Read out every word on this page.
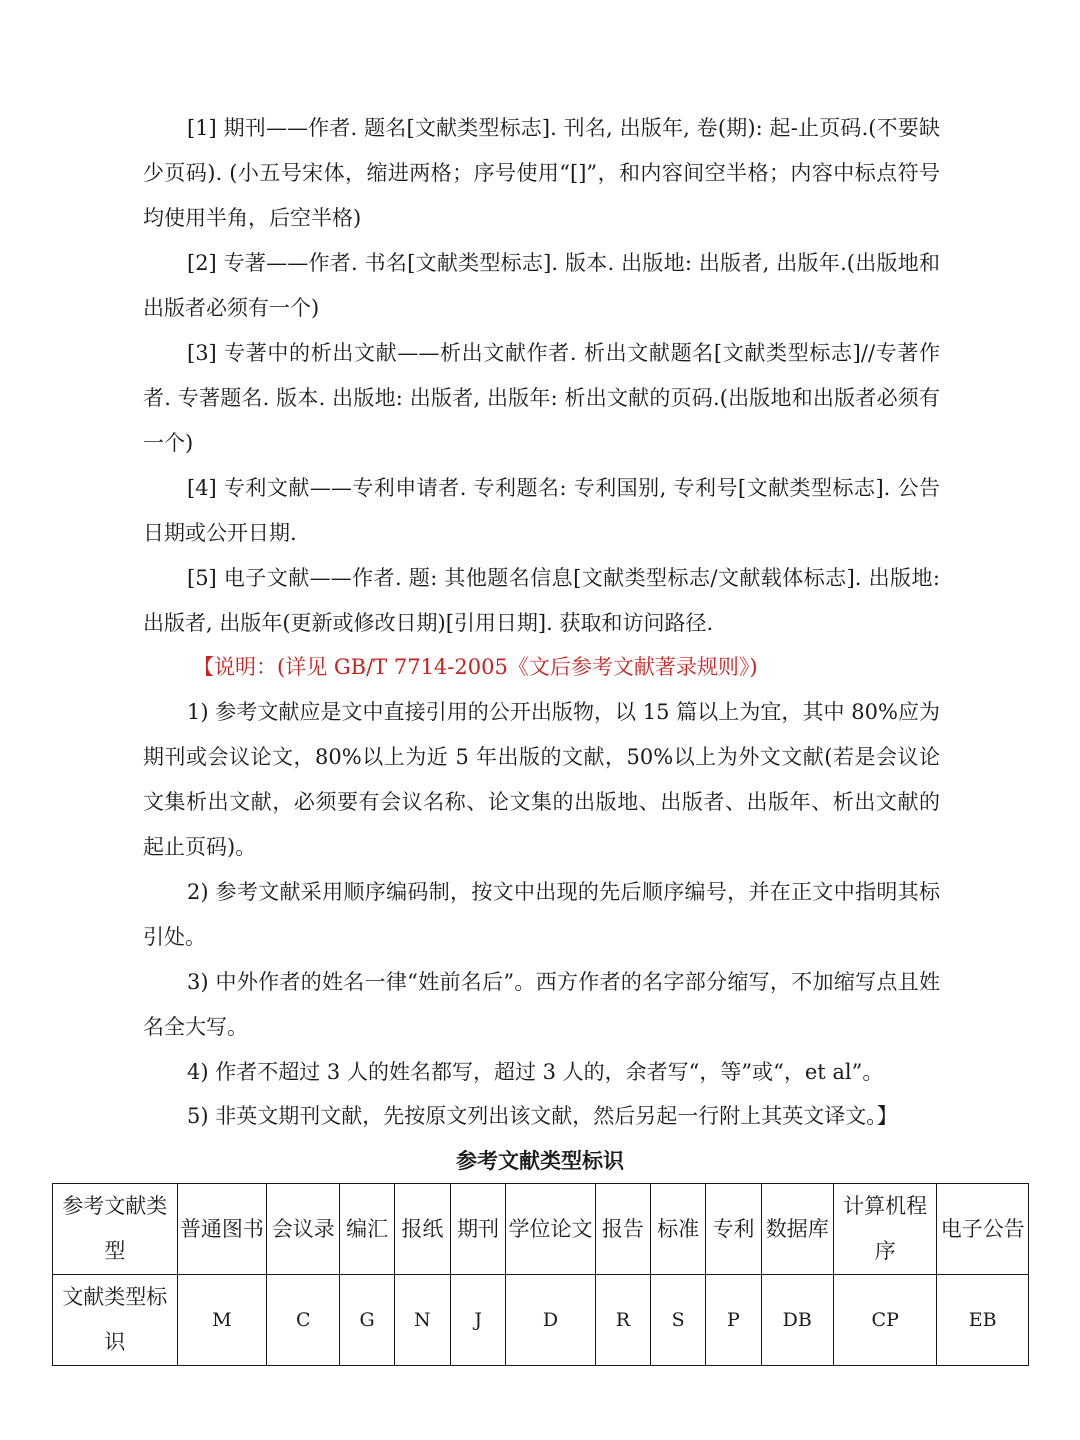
[1] 期刊——作者. 题名[文献类型标志]. 刊名, 出版年, 卷(期): 起-止页码.(不要缺少页码). (小五号宋体，缩进两格；序号使用“[]”，和内容间空半格；内容中标点符号均使用半角，后空半格)

[2] 专著——作者. 书名[文献类型标志]. 版本. 出版地: 出版者, 出版年.(出版地和出版者必须有一个)

[3] 专著中的析出文献——析出文献作者. 析出文献题名[文献类型标志]//专著作者. 专著题名. 版本. 出版地: 出版者, 出版年: 析出文献的页码.(出版地和出版者必须有一个)

[4] 专利文献——专利申请者. 专利题名: 专利国别, 专利号[文献类型标志]. 公告日期或公开日期.

[5] 电子文献——作者. 题: 其他题名信息[文献类型标志/文献载体标志]. 出版地: 出版者, 出版年(更新或修改日期)[引用日期]. 获取和访问路径.

【说明：(详见 GB/T 7714-2005《文后参考文献著录规则》)

1) 参考文献应是文中直接引用的公开出版物，以 15 篇以上为宜，其中 80%应为期刊或会议论文，80%以上为近 5 年出版的文献，50%以上为外文文献(若是会议论文集析出文献，必须要有会议名称、论文集的出版地、出版者、出版年、析出文献的起止页码)。

2) 参考文献采用顺序编码制，按文中出现的先后顺序编号，并在正文中指明其标引处。

3) 中外作者的姓名一律“姓前名后”。西方作者的名字部分缩写，不加缩写点且姓名全大写。

4) 作者不超过 3 人的姓名都写，超过 3 人的，余者写“，等”或“，et al”。

5) 非英文期刊文献，先按原文列出该文献，然后另起一行附上其英文译文。】

参考文献类型标识
参考文献类型	普通图书	会议录	编汇	报纸	期刊	学位论文	报告	标准	专利	数据库	计算机程序	电子公告
文献类型标识	M	C	G	N	J	D	R	S	P	DB	CP	EB
